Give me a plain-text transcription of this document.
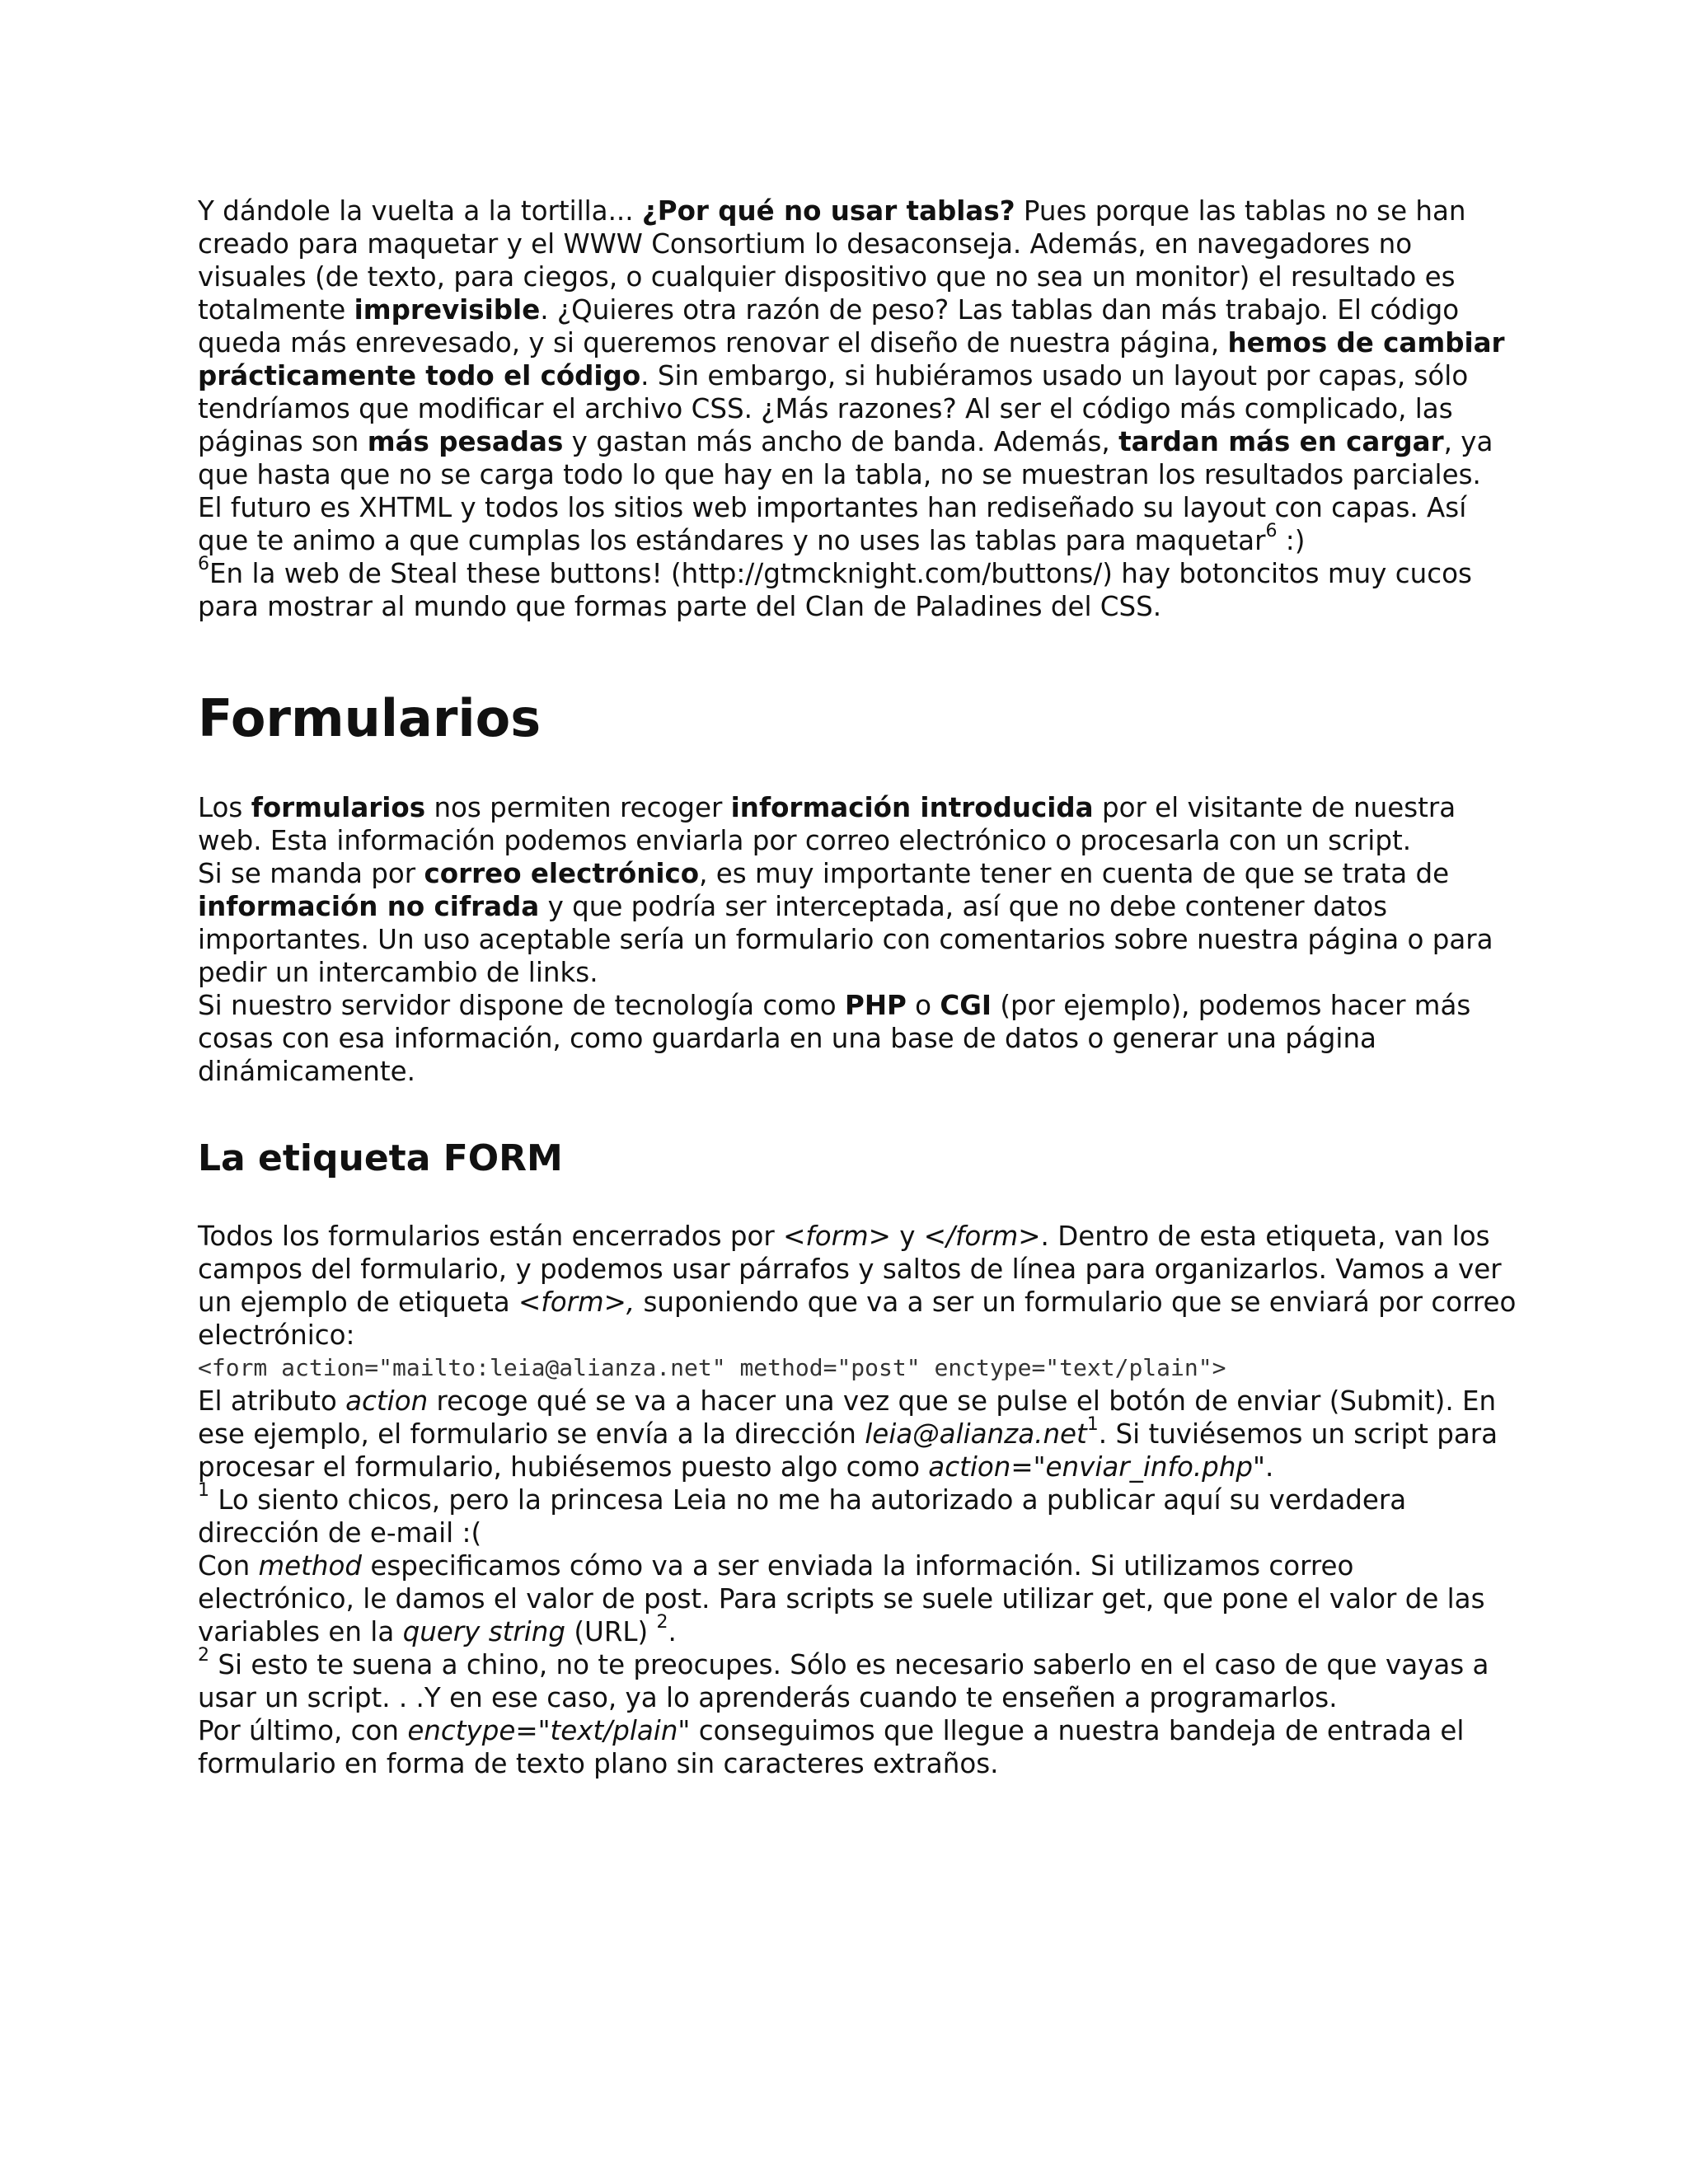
Y dándole la vuelta a la tortilla... ¿Por qué no usar tablas? Pues porque las tablas no se han creado para maquetar y el WWW Consortium lo desaconseja. Además, en navegadores no visuales (de texto, para ciegos, o cualquier dispositivo que no sea un monitor) el resultado es totalmente imprevisible. ¿Quieres otra razón de peso? Las tablas dan más trabajo. El código queda más enrevesado, y si queremos renovar el diseño de nuestra página, hemos de cambiar prácticamente todo el código. Sin embargo, si hubiéramos usado un layout por capas, sólo tendríamos que modificar el archivo CSS. ¿Más razones? Al ser el código más complicado, las páginas son más pesadas y gastan más ancho de banda. Además, tardan más en cargar, ya que hasta que no se carga todo lo que hay en la tabla, no se muestran los resultados parciales.

El futuro es XHTML y todos los sitios web importantes han rediseñado su layout con capas. Así que te animo a que cumplas los estándares y no uses las tablas para maquetar$^6$ :)

$^6$En la web de Steal these buttons! (http://gtmcknight.com/buttons/) hay botoncitos muy cucos para mostrar al mundo que formas parte del Clan de Paladines del CSS.

Formularios

Los formularios nos permiten recoger información introducida por el visitante de nuestra web. Esta información podemos enviarla por correo electrónico o procesarla con un script.

Si se manda por correo electrónico, es muy importante tener en cuenta de que se trata de información no cifrada y que podría ser interceptada, así que no debe contener datos importantes. Un uso aceptable sería un formulario con comentarios sobre nuestra página o para pedir un intercambio de links.

Si nuestro servidor dispone de tecnología como PHP o CGI (por ejemplo), podemos hacer más cosas con esa información, como guardarla en una base de datos o generar una página dinámicamente.

La etiqueta FORM

Todos los formularios están encerrados por <form> y </form>. Dentro de esta etiqueta, van los campos del formulario, y podemos usar párrafos y saltos de línea para organizarlos. Vamos a ver un ejemplo de etiqueta <form>, suponiendo que va a ser un formulario que se enviará por correo electrónico:

<form action="mailto:leia@alianza.net" method="post" enctype="text/plain">

El atributo action recoge qué se va a hacer una vez que se pulse el botón de enviar (Submit). En ese ejemplo, el formulario se envía a la dirección leia@alianza.net$^1$. Si tuviésemos un script para procesar el formulario, hubiésemos puesto algo como action="enviar_info.php".

$^1$ Lo siento chicos, pero la princesa Leia no me ha autorizado a publicar aquí su verdadera dirección de e-mail :(

Con method especificamos cómo va a ser enviada la información. Si utilizamos correo electrónico, le damos el valor de post. Para scripts se suele utilizar get, que pone el valor de las variables en la query string (URL) $^2$.

$^2$ Si esto te suena a chino, no te preocupes. Sólo es necesario saberlo en el caso de que vayas a usar un script. . .Y en ese caso, ya lo aprenderás cuando te enseñen a programarlos.

Por último, con enctype="text/plain" conseguimos que llegue a nuestra bandeja de entrada el formulario en forma de texto plano sin caracteres extraños.
